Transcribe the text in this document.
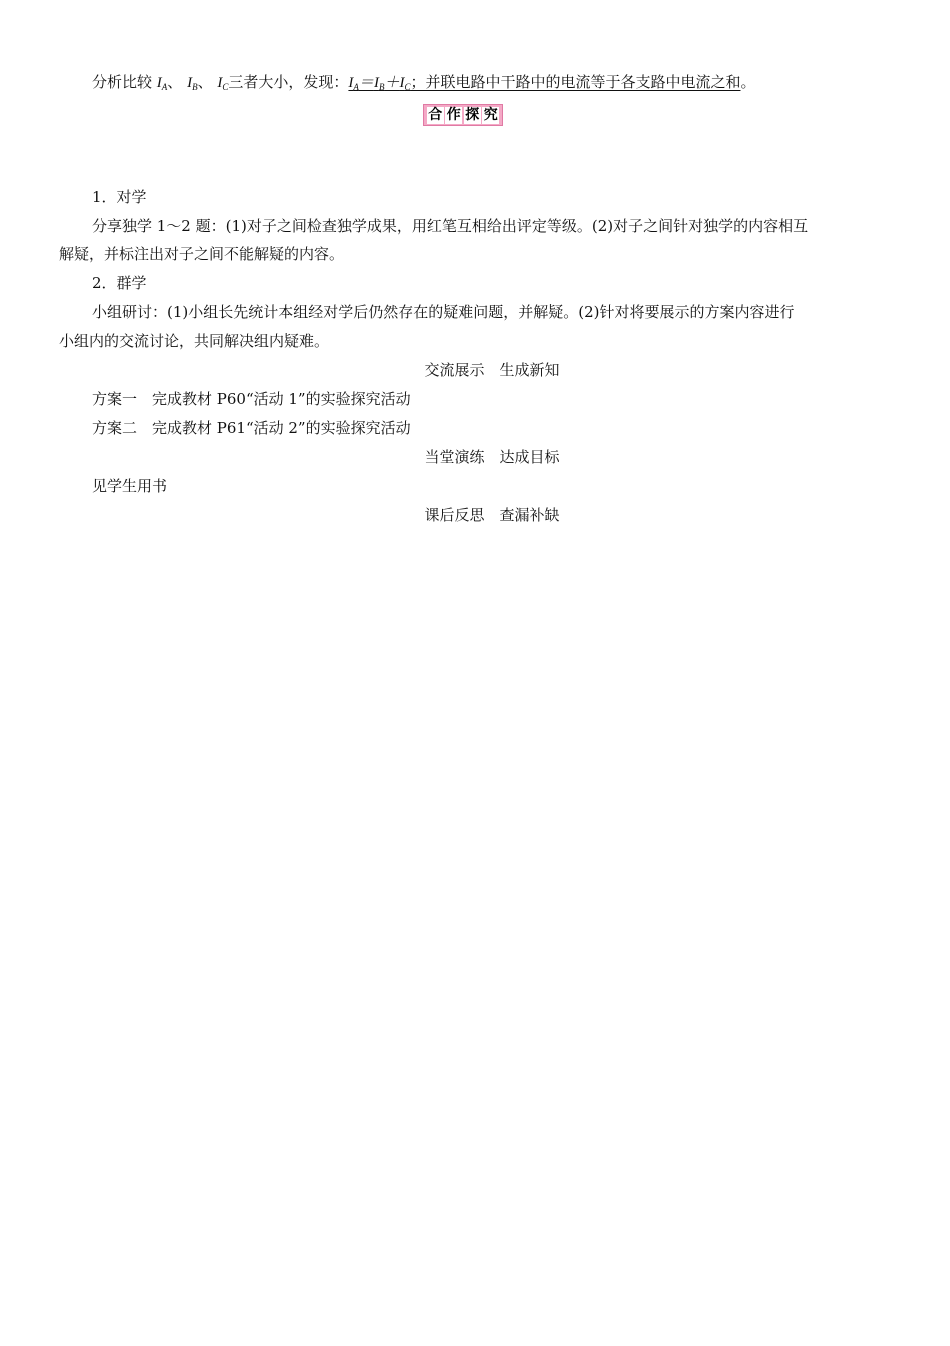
分析比较 $I_A$、 $I_B$、 $I_C$三者大小，发现：$I_A=I_B+I_C$；并联电路中干路中的电流等于各支路中电流之和。
合 作 探 究
1．对学
分享独学 1～2 题：(1)对子之间检查独学成果，用红笔互相给出评定等级。(2)对子之间针对独学的内容相互
解疑，并标注出对子之间不能解疑的内容。
2．群学
小组研讨：(1)小组长先统计本组经对学后仍然存在的疑难问题，并解疑。(2)针对将要展示的方案内容进行
小组内的交流讨论，共同解决组内疑难。
交流展示　生成新知
方案一　完成教材 P60“活动 1”的实验探究活动
方案二　完成教材 P61“活动 2”的实验探究活动
当堂演练　达成目标
见学生用书
课后反思　查漏补缺
